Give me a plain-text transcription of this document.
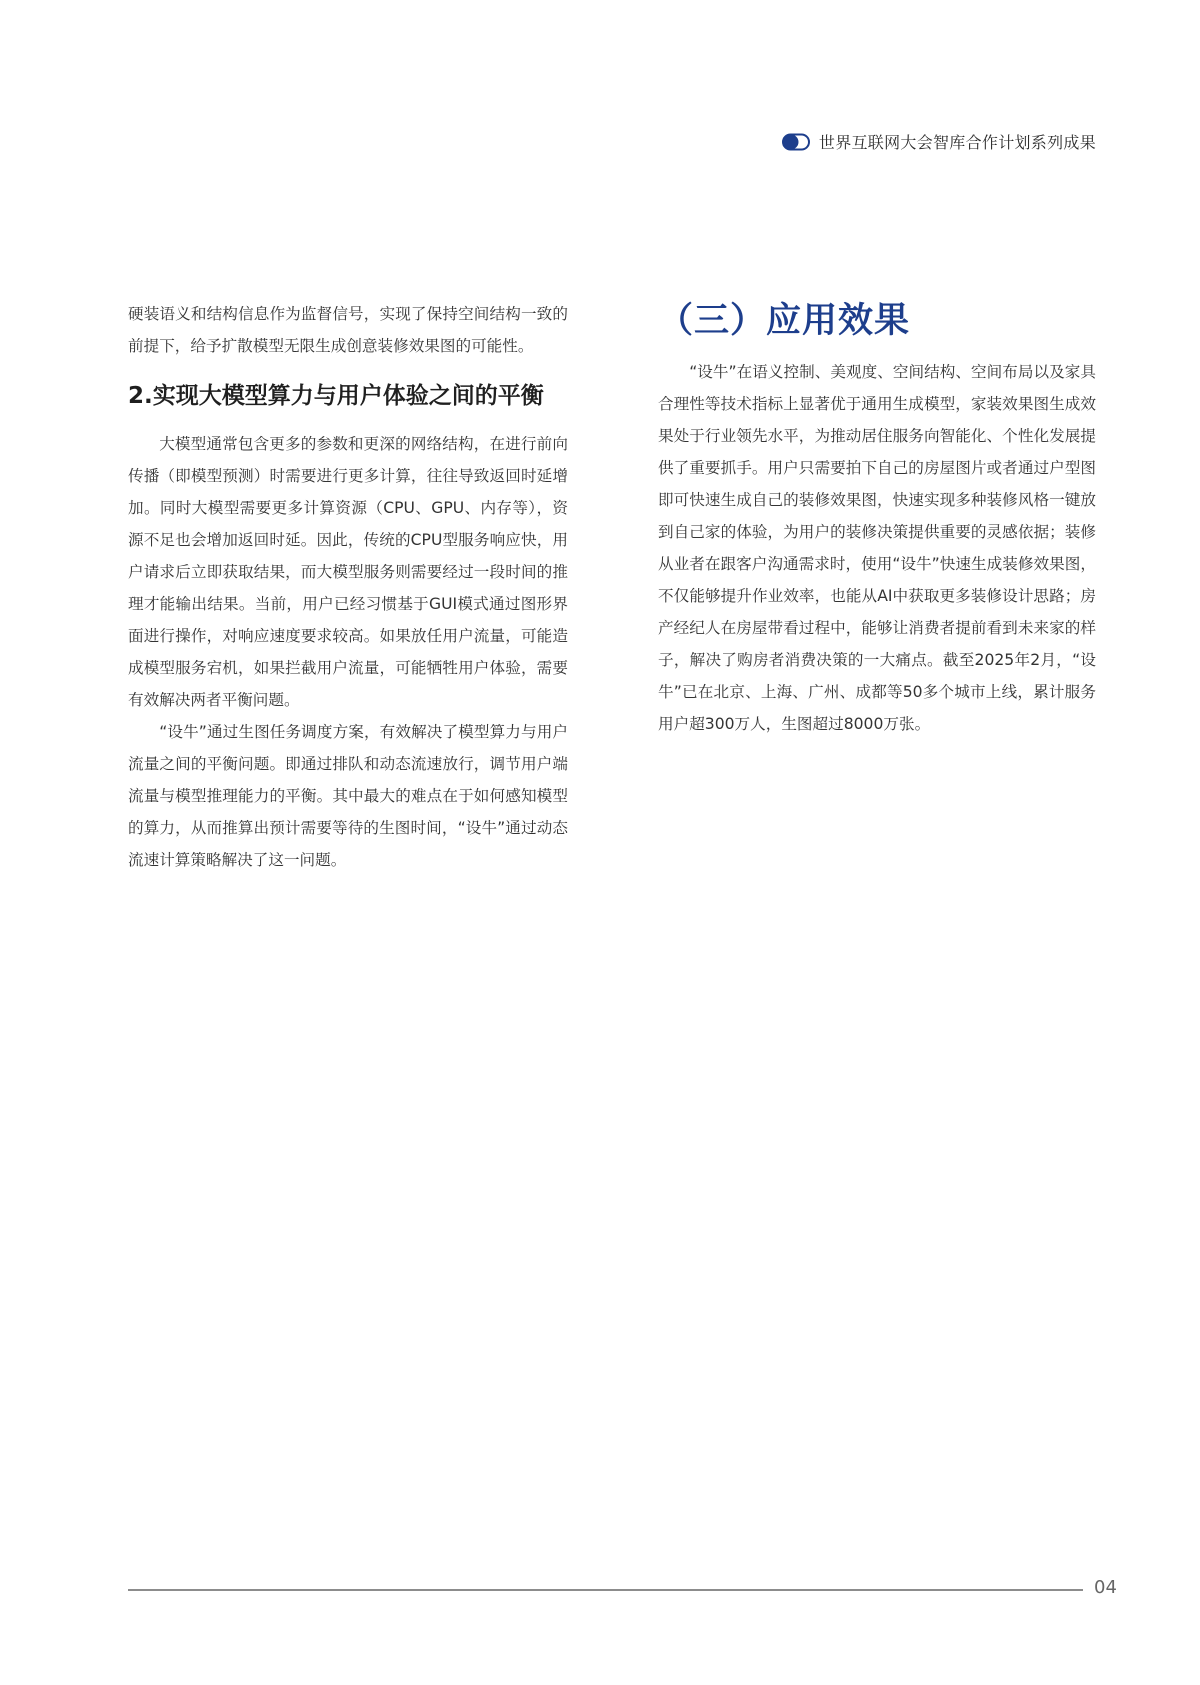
世界互联网大会智库合作计划系列成果

硬装语义和结构信息作为监督信号，实现了保持空间结构一致的前提下，给予扩散模型无限生成创意装修效果图的可能性。

2.实现大模型算力与用户体验之间的平衡

大模型通常包含更多的参数和更深的网络结构，在进行前向传播（即模型预测）时需要进行更多计算，往往导致返回时延增加。同时大模型需要更多计算资源（CPU、GPU、内存等），资源不足也会增加返回时延。因此，传统的CPU型服务响应快，用户请求后立即获取结果，而大模型服务则需要经过一段时间的推理才能输出结果。当前，用户已经习惯基于GUI模式通过图形界面进行操作，对响应速度要求较高。如果放任用户流量，可能造成模型服务宕机，如果拦截用户流量，可能牺牲用户体验，需要有效解决两者平衡问题。

“设牛”通过生图任务调度方案，有效解决了模型算力与用户流量之间的平衡问题。即通过排队和动态流速放行，调节用户端流量与模型推理能力的平衡。其中最大的难点在于如何感知模型的算力，从而推算出预计需要等待的生图时间，“设牛”通过动态流速计算策略解决了这一问题。

（三）应用效果

“设牛”在语义控制、美观度、空间结构、空间布局以及家具合理性等技术指标上显著优于通用生成模型，家装效果图生成效果处于行业领先水平，为推动居住服务向智能化、个性化发展提供了重要抓手。用户只需要拍下自己的房屋图片或者通过户型图即可快速生成自己的装修效果图，快速实现多种装修风格一键放到自己家的体验，为用户的装修决策提供重要的灵感依据；装修从业者在跟客户沟通需求时，使用“设牛”快速生成装修效果图，不仅能够提升作业效率，也能从AI中获取更多装修设计思路；房产经纪人在房屋带看过程中，能够让消费者提前看到未来家的样子，解决了购房者消费决策的一大痛点。截至2025年2月，“设牛”已在北京、上海、广州、成都等50多个城市上线，累计服务用户超300万人，生图超过8000万张。

04
